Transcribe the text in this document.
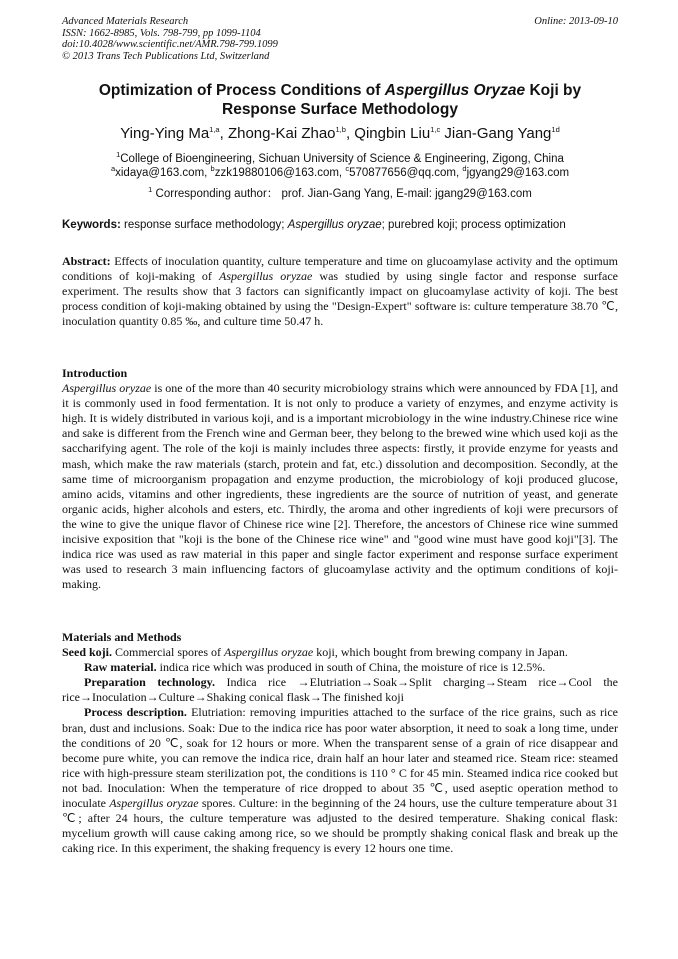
Advanced Materials Research
ISSN: 1662-8985, Vols. 798-799, pp 1099-1104
doi:10.4028/www.scientific.net/AMR.798-799.1099
© 2013 Trans Tech Publications Ltd, Switzerland
Online: 2013-09-10
Optimization of Process Conditions of Aspergillus Oryzae Koji by Response Surface Methodology
Ying-Ying Ma$^{1,a}$, Zhong-Kai Zhao$^{1,b}$, Qingbin Liu$^{1,c}$ Jian-Gang Yang$^{1d}$
$^1$College of Bioengineering, Sichuan University of Science & Engineering, Zigong, China
$^a$xidaya@163.com, $^b$zzk19880106@163.com, $^c$570877656@qq.com, $^d$jgyang29@163.com
$^1$ Corresponding author： prof. Jian-Gang Yang, E-mail: jgang29@163.com
Keywords: response surface methodology; Aspergillus oryzae; purebred koji; process optimization

Abstract: Effects of inoculation quantity, culture temperature and time on glucoamylase activity and the optimum conditions of koji-making of Aspergillus oryzae was studied by using single factor and response surface experiment. The results show that 3 factors can significantly impact on glucoamylase activity of koji. The best process condition of koji-making obtained by using the "Design-Expert" software is: culture temperature 38.70 ℃, inoculation quantity 0.85 ‰, and culture time 50.47 h.

Introduction

Aspergillus oryzae is one of the more than 40 security microbiology strains which were announced by FDA [1], and it is commonly used in food fermentation. It is not only to produce a variety of enzymes, and enzyme activity is high. It is widely distributed in various koji, and is a important microbiology in the wine industry.Chinese rice wine and sake is different from the French wine and German beer, they belong to the brewed wine which used koji as the saccharifying agent. The role of the koji is mainly includes three aspects: firstly, it provide enzyme for yeasts and mash, which make the raw materials (starch, protein and fat, etc.) dissolution and decomposition. Secondly, at the same time of microorganism propagation and enzyme production, the microbiology of koji produced glucose, amino acids, vitamins and other ingredients, these ingredients are the source of nutrition of yeast, and generate organic acids, higher alcohols and esters, etc. Thirdly, the aroma and other ingredients of koji were precursors of the wine to give the unique flavor of Chinese rice wine [2]. Therefore, the ancestors of Chinese rice wine summed incisive exposition that "koji is the bone of the Chinese rice wine" and "good wine must have good koji"[3]. The indica rice was used as raw material in this paper and single factor experiment and response surface experiment was used to research 3 main influencing factors of glucoamylase activity and the optimum conditions of koji-making.

Materials and Methods

Seed koji. Commercial spores of Aspergillus oryzae koji, which bought from brewing company in Japan.

Raw material. indica rice which was produced in south of China, the moisture of rice is 12.5%.

Preparation technology. Indica rice →Elutriation→Soak→Split charging→Steam rice→Cool the rice→Inoculation→Culture→Shaking conical flask→The finished koji

Process description. Elutriation: removing impurities attached to the surface of the rice grains, such as rice bran, dust and inclusions. Soak: Due to the indica rice has poor water absorption, it need to soak a long time, under the conditions of 20 ℃, soak for 12 hours or more. When the transparent sense of a grain of rice disappear and become pure white, you can remove the indica rice, drain half an hour later and steamed rice. Steam rice: steamed rice with high-pressure steam sterilization pot, the conditions is 110 ° C for 45 min. Steamed indica rice cooked but not bad. Inoculation: When the temperature of rice dropped to about 35 ℃, used aseptic operation method to inoculate Aspergillus oryzae spores. Culture: in the beginning of the 24 hours, use the culture temperature about 31 ℃; after 24 hours, the culture temperature was adjusted to the desired temperature. Shaking conical flask: mycelium growth will cause caking among rice, so we should be promptly shaking conical flask and break up the caking rice. In this experiment, the shaking frequency is every 12 hours one time.
